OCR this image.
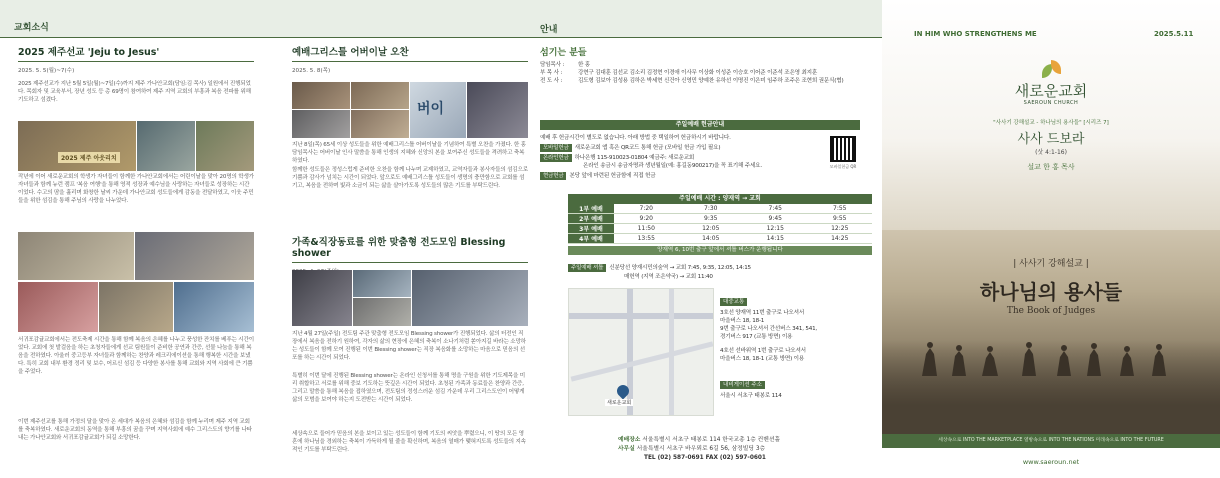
교회소식
2025 제주선교 'Jeju to Jesus'
2025. 5. 5(월)~7(수)
2025 제주선교가 지난 5월 5일(월)~7일(수)까지 제주 가나안교회(담임:김 목사) 일원에서 진행되었다. 목회자 및 교육부서, 장년 성도 등 총 69명이 참여하여 제주 지역 교회의 부흥과 복음 전파를 위해 기도하고 섬겼다.
2025 제주 아웃리치
작년에 이어 새로운교회의 학생가 자녀들이 함께한 가나안교회에서는 어린이날을 맞아 20명의 학생가 자녀들과 함께 뉴런 캠프 '복음 여행'을 통해 영적 성장과 예수님을 사랑하는 자녀들로 성장하는 시간이었다. 수고의 땀을 흘리며 화창한 날씨 가운데 가나안교회 성도들에게 감동을 전달하였고, 이웃 주민들을 위한 섬김을 통해 주님의 사랑을 나누었다.
서귀포감귤교회에서는 전도축제 시간을 통해 함께 복음의 은혜를 나누고 풍성한 잔치를 베푸는 시간이었다. 교회에 첫 발걸음을 하는 초청자들에게 선교 팀원들이 준비한 공연과 간증, 선물 나눔을 통해 복음을 전하였다. 아울러 중고등부 자녀들과 함께하는 찬양과 레크리에이션을 통해 행복한 시간을 보냈다. 특히 교회 내부 환경 정리 및 보수, 어르신 섬김 등 다양한 봉사를 통해 교회와 지역 사회에 큰 기쁨을 주었다.
이번 제주선교를 통해 가정의 달을 맞아 온 세대가 복음의 은혜와 섬김을 함께 누리며 제주 지역 교회를 축복하였다. 새로운교회의 동역을 통해 부흥의 꿈을 꾸며 지역사회에 예수 그리스도의 향기를 나타내는 가나안교회와 서귀포감귤교회가 되길 소망한다.
예배그리스틀 어버이날 오찬
2025. 5. 8(목)
버이
지난 8일(목) 65세 이상 성도들을 위한 예배그리스틀 어버이날을 기념하여 특별 오찬을 가졌다. 한 홍 담임목사는 어버이날 인사 말씀을 통해 인생의 지혜와 신앙의 본을 보여주신 성도들을 격려하고 축복하였다.
함께한 성도들은 정성스럽게 준비한 오찬을 함께 나누며 교제하였고, 교역자들과 봉사자들의 섬김으로 기쁨과 감사가 넘치는 시간이 되었다. 앞으로도 예배그리스틀 성도들이 생명의 충만함으로 교회를 섬기고, 복음을 전하며 빛과 소금이 되는 삶을 살아가도록 성도들의 많은 기도를 부탁드린다.
가족&직장동료를 위한 맞춤형 전도모임 Blessing shower
지난 4월 27일(주일) 전도팀 주관 맞춤형 전도모임 Blessing shower가 진행되었다. 삶의 터전인 직장에서 복음을 전하기 원하여, 각자의 삶의 현장에 은혜의 축복이 소나기처럼 쏟아지길 바라는 소망하는 성도들이 함께 모여 진행된 이번 Blessing shower는 직장 복음화를 소망하는 마음으로 믿음의 선포를 하는 시간이 되었다.
특별히 이번 달에 진행된 Blessing shower는 온라인 신청서를 통해 명을 구원을 위한 기도제목을 미리 취합하고 서로를 위해 중보 기도하는 뜻깊은 시간이 되었다. 초청된 가족과 동료들은 찬양과 간증, 그리고 말씀을 통해 복음을 접하였으며, 전도팀의 정성스러운 섬김 가운데 우리 그리스도인이 어떻게 삶의 모범을 보여야 하는지 도전받는 시간이 되었다.
세상속으로 들어가 믿음의 본을 보이고 있는 성도들이 함께 기도의 씨앗을 뿌렸으니, 이 땅의 모든 영혼에 하나님을 경외하는 축복이 가득하게 될 줄을 확신하며, 복음의 열매가 맺혀지도록 성도들의 지속적인 기도를 부탁드린다.
안내
섬기는 분들
담임목사 :	한 홍
부 목 사 :	강현구 김대훈 김선교 김소리 김정현 이경애 이사무 이상화 이성준 이승호 이어준 이준석 조은영 최지훈
전 도 사 :	김도형 김보아 김성용 김하은 박세현 신건아 신영민 양예찬 유하선 이명진 이은미 임주하 조주은 조현희 권문식(협)
주일예배 헌금안내
예배 후 헌금시간이 별도로 없습니다. 아래 방법 중 택일하여 헌금하시기 바랍니다.
모바일헌금 새로운교회 앱 혹은 QR코드 통해 헌금 (모바일 헌금 가입 필요)
온라인헌금 하나은행 115-910023-01804 예금주: 새로운교회
온라인 송금시 송금자명과 생년월일(예: 홍길동900217)을 꼭 표기해 주세요.
현금헌금 본당 앞에 마련된 헌금함에 직접 헌금
모바일헌금 QR
주일예배 시간 : 양재역 → 교회
1부 예배	7:20	7:30	7:45	7:55
2부 예배	9:20	9:35	9:45	9:55
3부 예배	11:50	12:05	12:15	12:25
4부 예배	13:55	14:05	14:15	14:25
양재역 6, 10번 출구 앞에서 셔틀 버스가 운행됩니다
주일예배 셔틀 신분당선 양재시민의숲역 → 교회 7:45, 9:35, 12:05, 14:15
매헌역 (지역 조은약국) → 교회 11:40
새로운교회
대중교통
3호선 양재역 11번 출구로 나오셔서
마을버스 18, 18-1
9번 출구로 나오셔서 간선버스 341, 541,
경기버스 917 (교통 방면) 이용
4호선 선바위역 1번 출구로 나오셔서
마을버스 18, 18-1 (교통 방면) 이용
내비게이션 주소
서울시 서초구 태봉로 114
예배장소 서울특별시 서초구 태봉로 114 한국교총 1층 컨벤션홀
사무실 서울특별시 서초구 바우뫼로 6길 56, 삼정빌딩 3층
TEL (02) 587-0691 FAX (02) 597-0601
IN HIM WHO STRENGTHENS ME	2025.5.11
새로운교회
SAEROUN CHURCH
"사사기 강해설교 - 하나님의 용사들" [시리즈 7]
사사 드보라
(삿 4:1-16)
설교 한 홍 목사
| 사사기 강해설교 |
하나님의 용사들
The Book of Judges
세상속으로 INTO THE MARKETPLACE 열방속으로 INTO THE NATIONS 미래속으로 INTO THE FUTURE
www.saeroun.net
